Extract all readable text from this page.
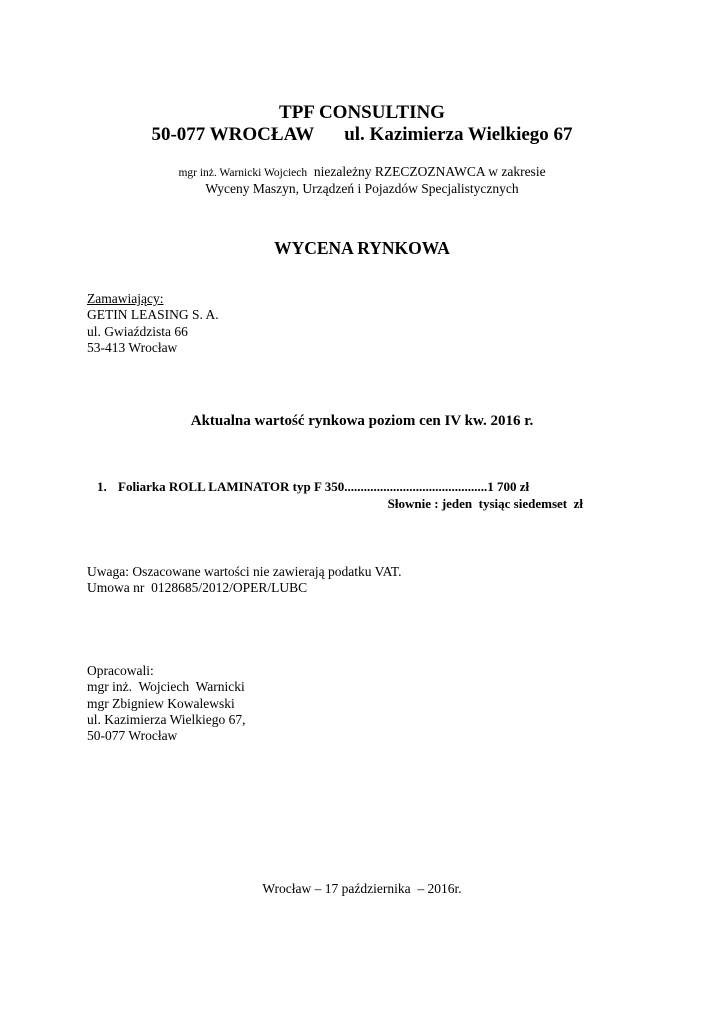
TPF CONSULTING
50-077 WROCŁAW ul. Kazimierza Wielkiego 67
mgr inż. Warnicki Wojciech  niezależny RZECZOZNAWCA w zakresie
Wyceny Maszyn, Urządzeń i Pojazdów Specjalistycznych
WYCENA RYNKOWA
Zamawiający:
GETIN LEASING S. A.
ul. Gwiaździsta 66
53-413 Wrocław
Aktualna wartość rynkowa poziom cen IV kw. 2016 r.
1. Foliarka ROLL LAMINATOR typ F 350............................................1 700 zł
Słownie : jeden  tysiąc siedemset  zł
Uwaga: Oszacowane wartości nie zawierają podatku VAT.
Umowa nr  0128685/2012/OPER/LUBC
Opracowali:
mgr inż.  Wojciech  Warnicki
mgr Zbigniew Kowalewski
ul. Kazimierza Wielkiego 67,
50-077 Wrocław
Wrocław – 17 października  – 2016r.
